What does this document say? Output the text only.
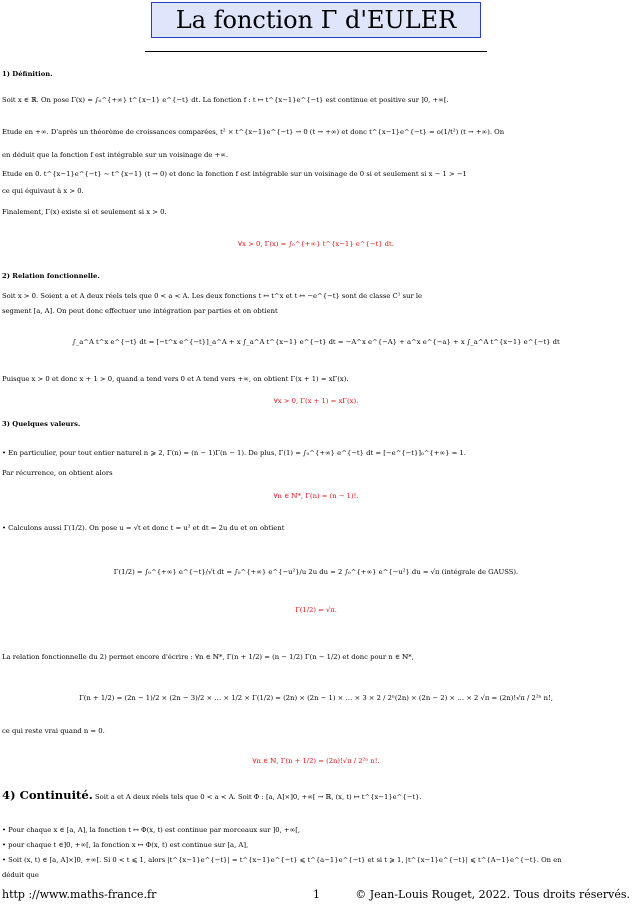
La fonction Γ d'EULER
1) Définition.
Soit x ∈ ℝ. On pose Γ(x) = ∫₀^{+∞} t^{x−1} e^{−t} dt. La fonction f : t ↦ t^{x−1}e^{−t} est continue et positive sur ]0, +∞[.
Etude en +∞. D'après un théorème de croissances comparées, t² × t^{x−1}e^{−t} → 0 (t → +∞) et donc t^{x−1}e^{−t} = o(1/t²) (t → +∞). On
en déduit que la fonction f est intégrable sur un voisinage de +∞.
Etude en 0. t^{x−1}e^{−t} ∼ t^{x−1} (t → 0) et donc la fonction f est intégrable sur un voisinage de 0 si et seulement si x − 1 > −1
ce qui équivaut à x > 0.
Finalement, Γ(x) existe si et seulement si x > 0.
∀x > 0, Γ(x) = ∫₀^{+∞} t^{x−1} e^{−t} dt.
2) Relation fonctionnelle.
Soit x > 0. Soient a et A deux réels tels que 0 < a < A. Les deux fonctions t ↦ t^x et t ↦ −e^{−t} sont de classe C¹ sur le
segment [a, A]. On peut donc effectuer une intégration par parties et on obtient
∫_a^A t^x e^{−t} dt = [−t^x e^{−t}]_a^A + x ∫_a^A t^{x−1} e^{−t} dt = −A^x e^{−A} + a^x e^{−a} + x ∫_a^A t^{x−1} e^{−t} dt
Puisque x > 0 et donc x + 1 > 0, quand a tend vers 0 et A tend vers +∞, on obtient Γ(x + 1) = xΓ(x).
∀x > 0, Γ(x + 1) = xΓ(x).
3) Quelques valeurs.
• En particulier, pour tout entier naturel n ⩾ 2, Γ(n) = (n − 1)Γ(n − 1). De plus, Γ(1) = ∫₀^{+∞} e^{−t} dt = [−e^{−t}]₀^{+∞} = 1.
Par récurrence, on obtient alors
∀n ∈ ℕ*, Γ(n) = (n − 1)!.
• Calculons aussi Γ(1/2). On pose u = √t et donc t = u² et dt = 2u du et on obtient
Γ(1/2) = ∫₀^{+∞} e^{−t}/√t dt = ∫₀^{+∞} e^{−u²}/u 2u du = 2 ∫₀^{+∞} e^{−u²} du = √π (intégrale de GAUSS).
Γ(1/2) = √π.
La relation fonctionnelle du 2) permet encore d'écrire : ∀n ∈ ℕ*, Γ(n + 1/2) = (n − 1/2) Γ(n − 1/2) et donc pour n ∈ ℕ*,
Γ(n + 1/2) = (2n − 1)/2 × (2n − 3)/2 × … × 1/2 × Γ(1/2) = (2n) × (2n − 1) × … × 3 × 2 / 2ⁿ(2n) × (2n − 2) × … × 2 √π = (2n)!√π / 2²ⁿ n!,
ce qui reste vrai quand n = 0.
∀n ∈ ℕ, Γ(n + 1/2) = (2n)!√π / 2²ⁿ n!.
4) Continuité. Soit a et A deux réels tels que 0 < a < A. Soit Φ : [a, A]×]0, +∞[ → ℝ, (x, t) ↦ t^{x−1}e^{−t}.
• Pour chaque x ∈ [a, A], la fonction t ↦ Φ(x, t) est continue par morceaux sur ]0, +∞[,
• pour chaque t ∈]0, +∞[, la fonction x ↦ Φ(x, t) est continue sur [a, A],
• Soit (x, t) ∈ [a, A]×]0, +∞[. Si 0 < t ⩽ 1, alors |t^{x−1}e^{−t}| = t^{x−1}e^{−t} ⩽ t^{a−1}e^{−t} et si t ⩾ 1, |t^{x−1}e^{−t}| ⩽ t^{A−1}e^{−t}. On en
déduit que
http ://www.maths-france.fr	1	© Jean-Louis Rouget, 2022. Tous droits réservés.
